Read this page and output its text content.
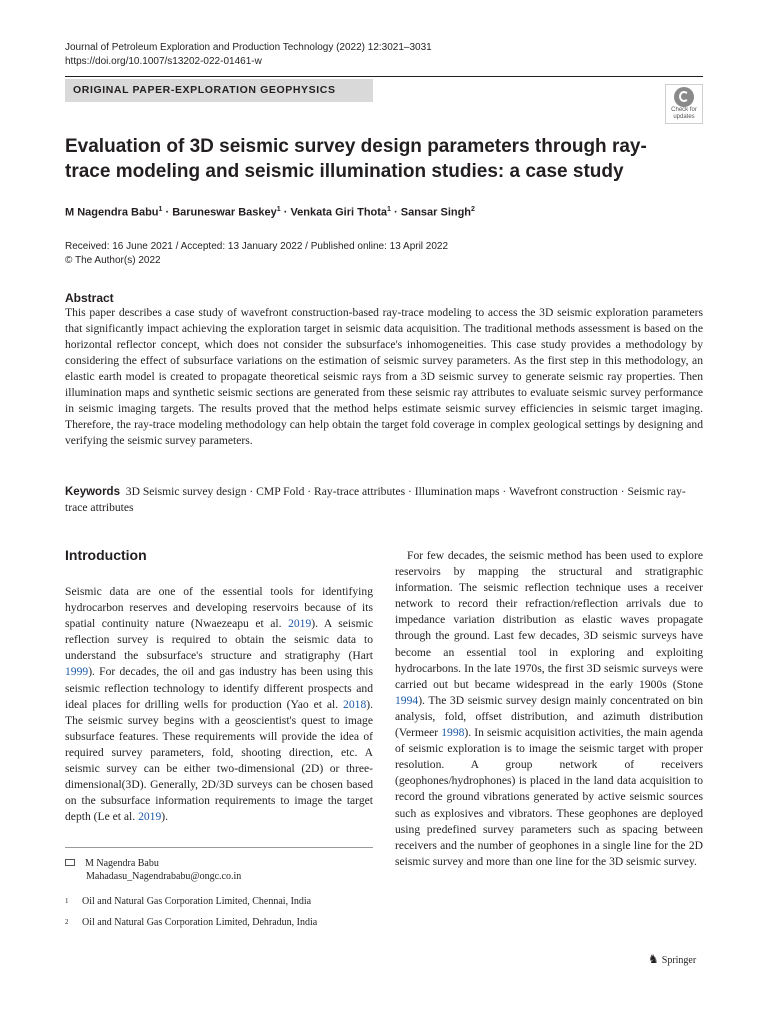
Journal of Petroleum Exploration and Production Technology (2022) 12:3021–3031
https://doi.org/10.1007/s13202-022-01461-w
ORIGINAL PAPER-EXPLORATION GEOPHYSICS
Check for
updates
Evaluation of 3D seismic survey design parameters through ray-trace modeling and seismic illumination studies: a case study
M Nagendra Babu$^1$ · Baruneswar Baskey$^1$ · Venkata Giri Thota$^1$ · Sansar Singh$^2$
Received: 16 June 2021 / Accepted: 13 January 2022 / Published online: 13 April 2022
© The Author(s) 2022
Abstract
This paper describes a case study of wavefront construction-based ray-trace modeling to access the 3D seismic exploration parameters that significantly impact achieving the exploration target in seismic data acquisition. The traditional methods assessment is based on the horizontal reflector concept, which does not consider the subsurface's inhomogeneities. This case study provides a methodology by considering the effect of subsurface variations on the estimation of seismic survey parameters. As the first step in this methodology, an elastic earth model is created to propagate theoretical seismic rays from a 3D seismic survey to generate seismic ray properties. Then illumination maps and synthetic seismic sections are generated from these seismic ray attributes to evaluate seismic survey performance in seismic imaging targets. The results proved that the method helps estimate seismic survey efficiencies in seismic target imaging. Therefore, the ray-trace modeling methodology can help obtain the target fold coverage in complex geological settings by designing and verifying the seismic survey parameters.
Keywords 3D Seismic survey design · CMP Fold · Ray-trace attributes · Illumination maps · Wavefront construction · Seismic ray-trace attributes
Introduction

Seismic data are one of the essential tools for identifying hydrocarbon reserves and developing reservoirs because of its spatial continuity nature (Nwaezeapu et al. 2019). A seismic reflection survey is required to obtain the seismic data to understand the subsurface's structure and stratigraphy (Hart 1999). For decades, the oil and gas industry has been using this seismic reflection technology to identify different prospects and ideal places for drilling wells for production (Yao et al. 2018). The seismic survey begins with a geoscientist's quest to image subsurface features. These requirements will provide the idea of required survey parameters, fold, shooting direction, etc. A seismic survey can be either two-dimensional (2D) or three-dimensional(3D). Generally, 2D/3D surveys can be chosen based on the subsurface information requirements to image the target depth (Le et al. 2019).

For few decades, the seismic method has been used to explore reservoirs by mapping the structural and stratigraphic information. The seismic reflection technique uses a receiver network to record their refraction/reflection arrivals due to impedance variation distribution as elastic waves propagate through the ground. Last few decades, 3D seismic surveys have become an essential tool in exploring and exploiting hydrocarbons. In the late 1970s, the first 3D seismic surveys were carried out but became widespread in the early 1900s (Stone 1994). The 3D seismic survey design mainly concentrated on bin analysis, fold, offset distribution, and azimuth distribution (Vermeer 1998). In seismic acquisition activities, the main agenda of seismic exploration is to image the seismic target with proper resolution. A group network of receivers (geophones/hydrophones) is placed in the land data acquisition to record the ground vibrations generated by active seismic sources such as explosives and vibrators. These geophones are deployed using predefined survey parameters such as spacing between receivers and the number of geophones in a single line for the 2D seismic survey and more than one line for the 3D seismic survey.

M Nagendra Babu
Mahadasu_Nagendrababu@ongc.co.in
1 Oil and Natural Gas Corporation Limited, Chennai, India
2 Oil and Natural Gas Corporation Limited, Dehradun, India
♞ Springer
